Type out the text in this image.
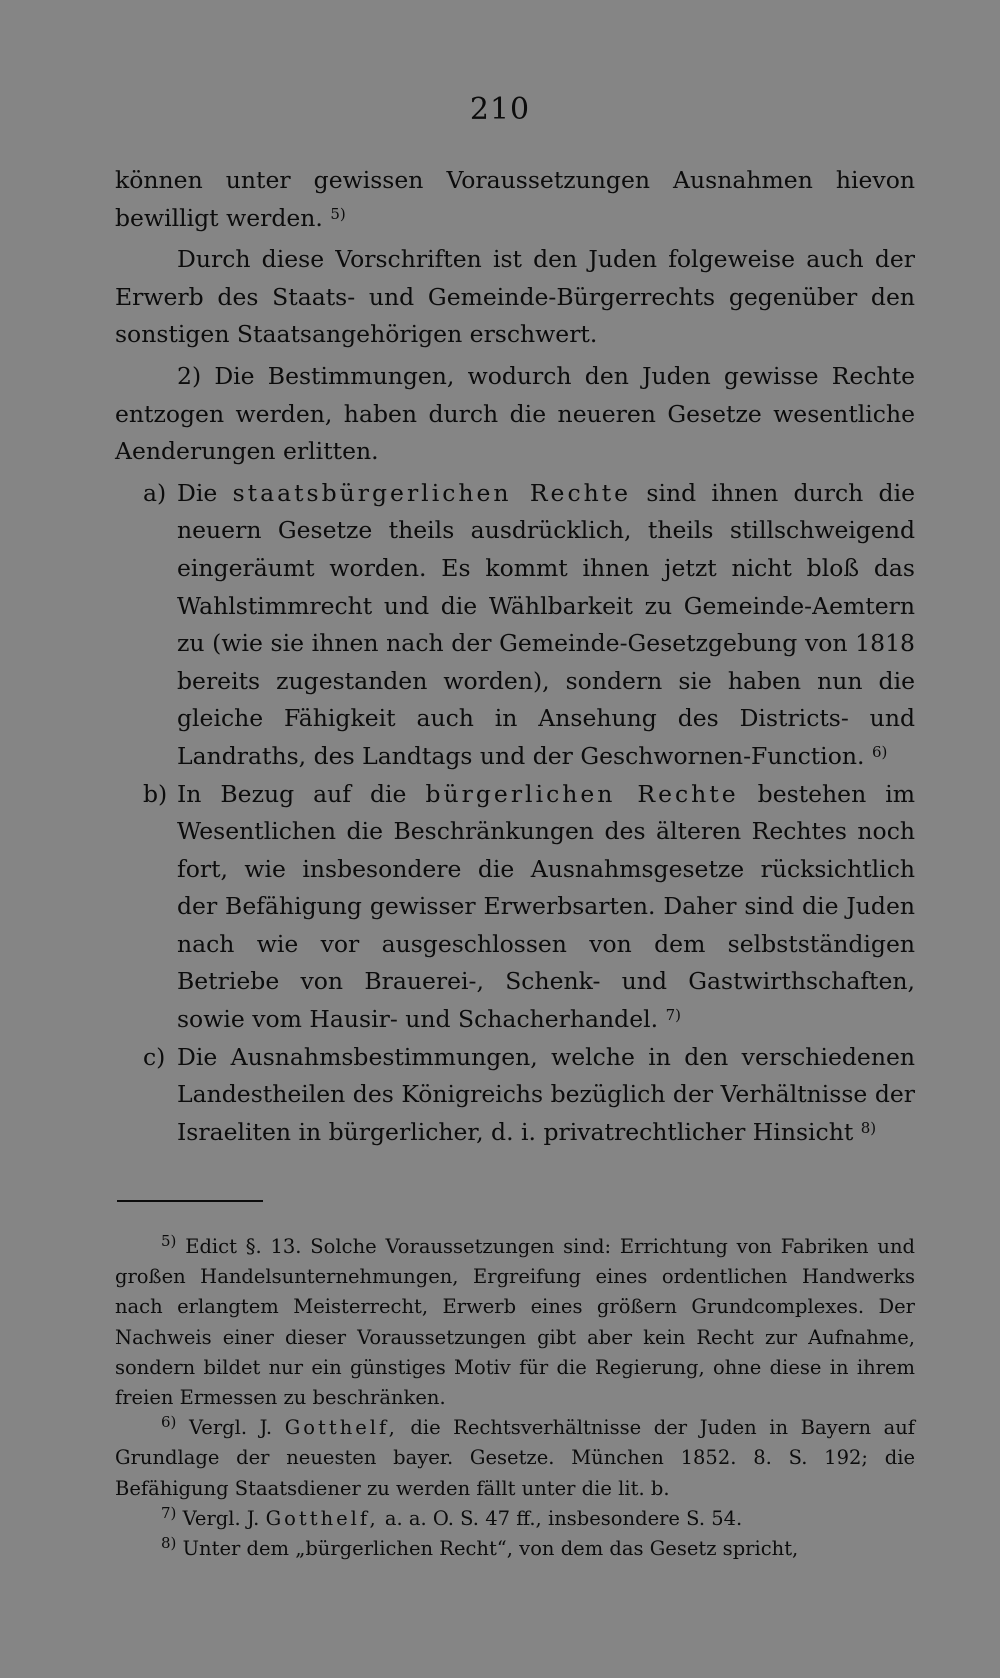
210

können unter gewissen Voraussetzungen Ausnahmen hievon bewilligt werden. $^{5)}$

Durch diese Vorschriften ist den Juden folgeweise auch der Erwerb des Staats- und Gemeinde-Bürgerrechts gegenüber den sonstigen Staatsangehörigen erschwert.

2) Die Bestimmungen, wodurch den Juden gewisse Rechte entzogen werden, haben durch die neueren Gesetze wesentliche Aenderungen erlitten.

a) Die staatsbürgerlichen Rechte sind ihnen durch die neuern Gesetze theils ausdrücklich, theils stillschweigend eingeräumt worden. Es kommt ihnen jetzt nicht bloß das Wahlstimmrecht und die Wählbarkeit zu Gemeinde-Aemtern zu (wie sie ihnen nach der Gemeinde-Gesetzgebung von 1818 bereits zugestanden worden), sondern sie haben nun die gleiche Fähigkeit auch in Ansehung des Districts- und Landraths, des Landtags und der Geschwornen-Function. $^{6)}$
b) In Bezug auf die bürgerlichen Rechte bestehen im Wesentlichen die Beschränkungen des älteren Rechtes noch fort, wie insbesondere die Ausnahmsgesetze rücksichtlich der Befähigung gewisser Erwerbsarten. Daher sind die Juden nach wie vor ausgeschlossen von dem selbstständigen Betriebe von Brauerei-, Schenk- und Gastwirthschaften, sowie vom Hausir- und Schacherhandel. $^{7)}$
c) Die Ausnahmsbestimmungen, welche in den verschiedenen Landestheilen des Königreichs bezüglich der Verhältnisse der Israeliten in bürgerlicher, d. i. privatrechtlicher Hinsicht $^{8)}$

$^{5)}$ Edict §. 13. Solche Voraussetzungen sind: Errichtung von Fabriken und großen Handelsunternehmungen, Ergreifung eines ordentlichen Handwerks nach erlangtem Meisterrecht, Erwerb eines größern Grundcomplexes. Der Nachweis einer dieser Voraussetzungen gibt aber kein Recht zur Aufnahme, sondern bildet nur ein günstiges Motiv für die Regierung, ohne diese in ihrem freien Ermessen zu beschränken.

$^{6)}$ Vergl. J. Gotthelf, die Rechtsverhältnisse der Juden in Bayern auf Grundlage der neuesten bayer. Gesetze. München 1852. 8. S. 192; die Befähigung Staatsdiener zu werden fällt unter die lit. b.

$^{7)}$ Vergl. J. Gotthelf, a. a. O. S. 47 ff., insbesondere S. 54.

$^{8)}$ Unter dem „bürgerlichen Recht“, von dem das Gesetz spricht,
